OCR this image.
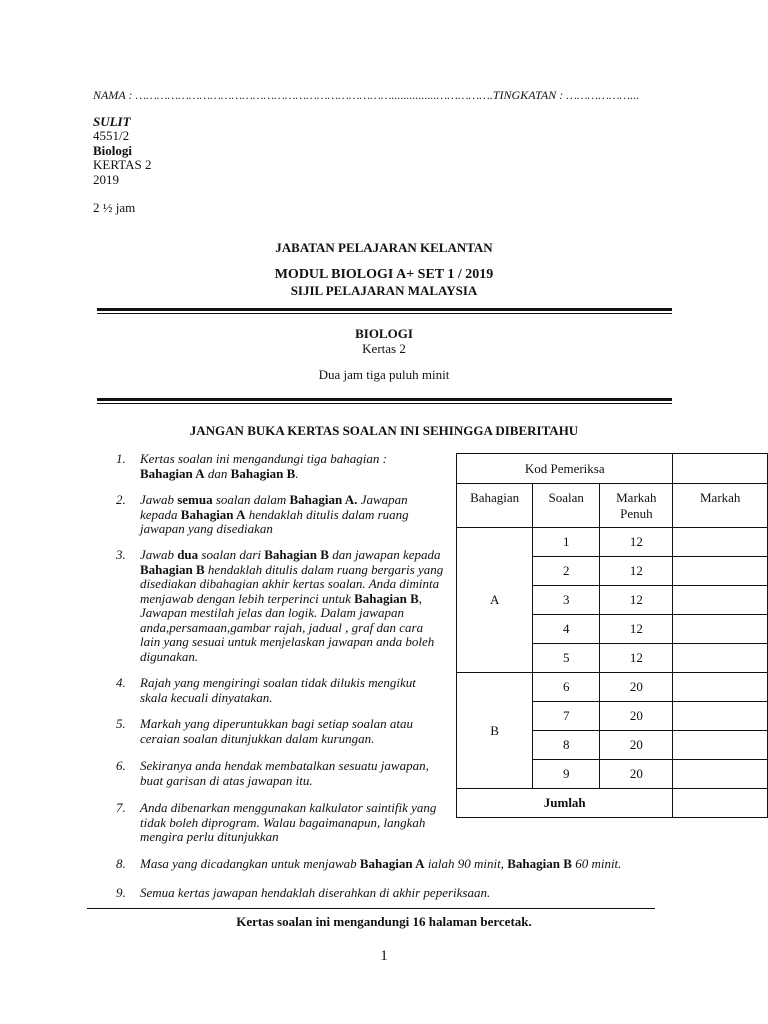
NAMA : ………………………………………………………………...............…………….TINGKATAN : ………………...
SULIT
4551/2
Biologi
KERTAS 2
2019
2 ½ jam
JABATAN PELAJARAN KELANTAN
MODUL BIOLOGI A+ SET 1 / 2019
SIJIL PELAJARAN MALAYSIA
BIOLOGI
Kertas 2
Dua jam tiga puluh minit
JANGAN BUKA KERTAS SOALAN INI SEHINGGA DIBERITAHU
1. Kertas soalan ini mengandungi tiga bahagian :
Bahagian A dan Bahagian B.
2. Jawab semua soalan dalam Bahagian A. Jawapan kepada Bahagian A hendaklah ditulis dalam ruang jawapan yang disediakan
3. Jawab dua soalan dari Bahagian B dan jawapan kepada Bahagian B hendaklah ditulis dalam ruang bergaris yang disediakan dibahagian akhir kertas soalan. Anda diminta menjawab dengan lebih terperinci untuk Bahagian B, Jawapan mestilah jelas dan logik. Dalam jawapan anda,persamaan,gambar rajah, jadual , graf dan cara lain yang sesuai untuk menjelaskan jawapan anda boleh digunakan.
4. Rajah yang mengiringi soalan tidak dilukis mengikut skala kecuali dinyatakan.
5. Markah yang diperuntukkan bagi setiap soalan atau ceraian soalan ditunjukkan dalam kurungan.
6. Sekiranya anda hendak membatalkan sesuatu jawapan, buat garisan di atas jawapan itu.
7. Anda dibenarkan menggunakan kalkulator saintifik yang tidak boleh diprogram. Walau bagaimanapun, langkah mengira perlu ditunjukkan
8. Masa yang dicadangkan untuk menjawab Bahagian A ialah 90 minit, Bahagian B 60 minit.
9. Semua kertas jawapan hendaklah diserahkan di akhir peperiksaan.
Kod Pemeriksa			
Bahagian	Soalan	Markah Penuh	Markah
A	1	12	
	2	12	
	3	12	
	4	12	
	5	12	
B	6	20	
	7	20	
	8	20	
	9	20	
Jumlah			
Kertas soalan ini mengandungi 16 halaman bercetak.
1
